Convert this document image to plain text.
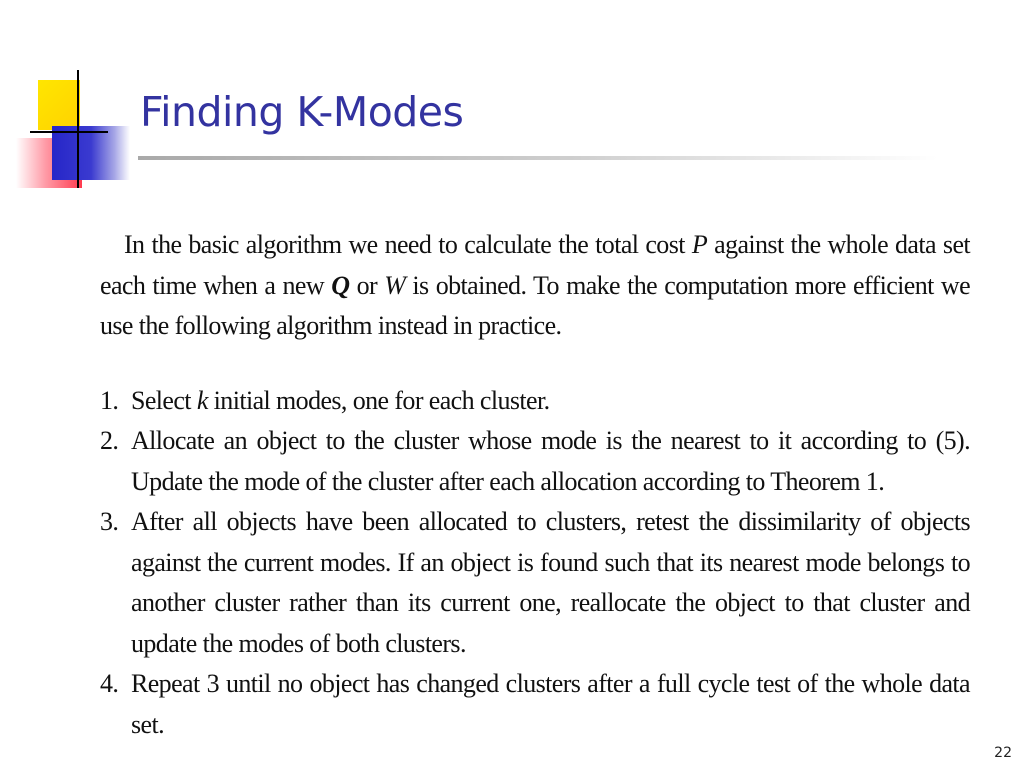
Finding K-Modes
In the basic algorithm we need to calculate the total cost P against the whole data set each time when a new Q or W is obtained. To make the computation more efficient we use the following algorithm instead in practice.
1. Select k initial modes, one for each cluster.
2. Allocate an object to the cluster whose mode is the nearest to it according to (5). Update the mode of the cluster after each allocation according to Theorem 1.
3. After all objects have been allocated to clusters, retest the dissimilarity of objects against the current modes. If an object is found such that its nearest mode belongs to another cluster rather than its current one, reallocate the object to that cluster and update the modes of both clusters.
4. Repeat 3 until no object has changed clusters after a full cycle test of the whole data set.
22
